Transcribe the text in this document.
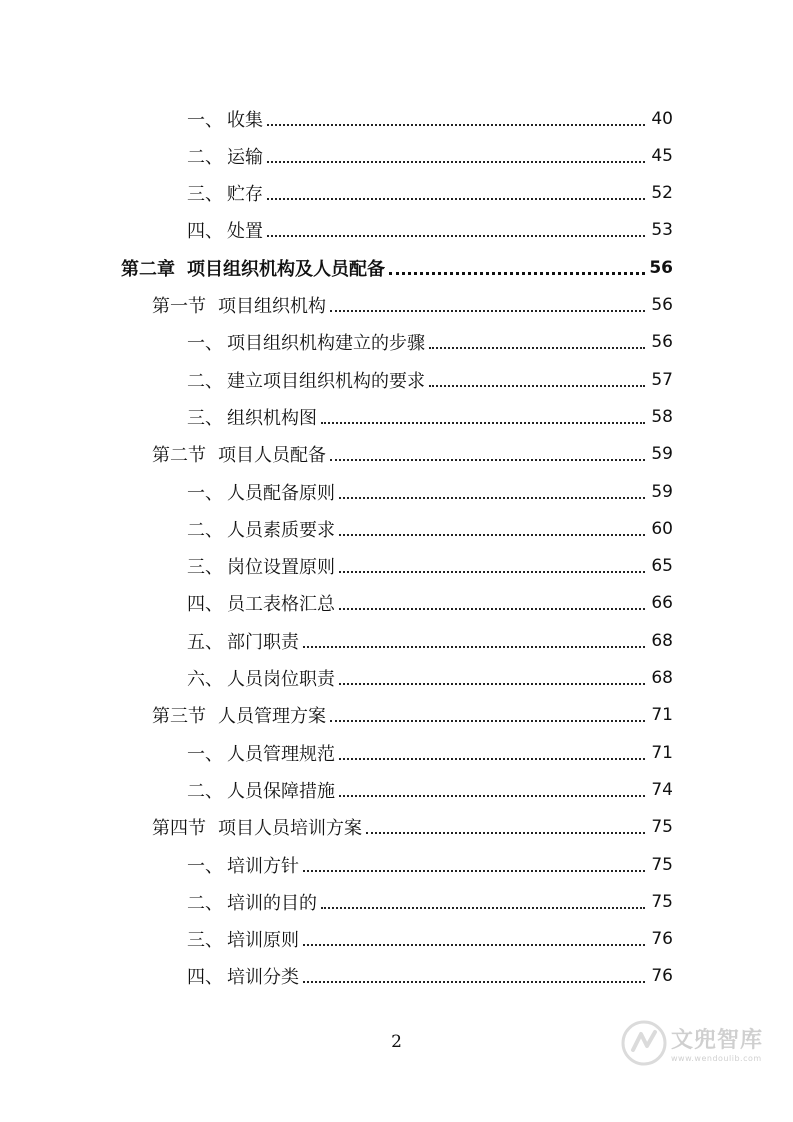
一、 收集	40
二、 运输	45
三、 贮存	52
四、 处置	53
第二章 项目组织机构及人员配备	56
第一节 项目组织机构	56
一、 项目组织机构建立的步骤	56
二、 建立项目组织机构的要求	57
三、 组织机构图	58
第二节 项目人员配备	59
一、 人员配备原则	59
二、 人员素质要求	60
三、 岗位设置原则	65
四、 员工表格汇总	66
五、 部门职责	68
六、 人员岗位职责	68
第三节 人员管理方案	71
一、 人员管理规范	71
二、 人员保障措施	74
第四节 项目人员培训方案	75
一、 培训方针	75
二、 培训的目的	75
三、 培训原则	76
四、 培训分类	76
2	文兜智库
www.wendoulib.com
